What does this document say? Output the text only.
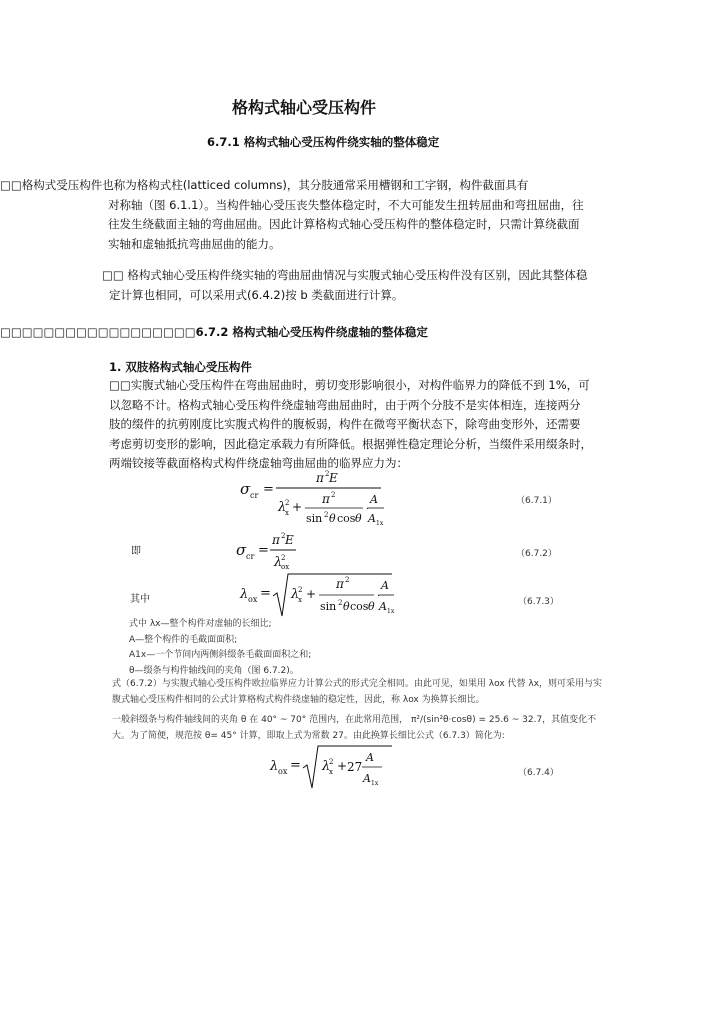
格构式轴心受压构件
6.7.1 格构式轴心受压构件绕实轴的整体稳定
□□格构式受压构件也称为格构式柱(latticed columns)，其分肢通常采用槽钢和工字钢，构件截面具有
对称轴（图 6.1.1）。当构件轴心受压丧失整体稳定时，不大可能发生扭转屈曲和弯扭屈曲，往
往发生绕截面主轴的弯曲屈曲。因此计算格构式轴心受压构件的整体稳定时，只需计算绕截面
实轴和虚轴抵抗弯曲屈曲的能力。
□□ 格构式轴心受压构件绕实轴的弯曲屈曲情况与实腹式轴心受压构件没有区别，因此其整体稳
定计算也相同，可以采用式(6.4.2)按 b 类截面进行计算。
□□□□□□□□□□□□□□□□□□6.7.2 格构式轴心受压构件绕虚轴的整体稳定
1. 双肢格构式轴心受压构件
□□实腹式轴心受压构件在弯曲屈曲时，剪切变形影响很小，对构件临界力的降低不到 1%，可
以忽略不计。格构式轴心受压构件绕虚轴弯曲屈曲时，由于两个分肢不是实体相连，连接两分
肢的缀件的抗剪刚度比实腹式构件的腹板弱，构件在微弯平衡状态下，除弯曲变形外，还需要
考虑剪切变形的影响，因此稳定承载力有所降低。根据弹性稳定理论分析，当缀件采用缀条时，
两端铰接等截面格构式构件绕虚轴弯曲屈曲的临界应力为：
σ cr =
π 2 E
λ
2
x +
π 2
sin 2 θ cos θ
·
A
A 1x
（6.7.1）
即	σ cr =
π 2 E
λ
2
ox
（6.7.2）
其中	λ ox = λ
2
x +
π 2
sin 2 θ cos θ
·
A
A 1x
（6.7.3）
式中 λx—整个构件对虚轴的长细比;
A—整个构件的毛截面面积;
A1x—一个节间内两侧斜缀条毛截面面积之和;
θ—缀条与构件轴线间的夹角（图 6.7.2)。
式（6.7.2）与实腹式轴心受压构件欧拉临界应力计算公式的形式完全相同。由此可见，如果用 λox 代替 λx，则可采用与实
腹式轴心受压构件相同的公式计算格构式构件绕虚轴的稳定性，因此，称 λox 为换算长细比。
一般斜缀条与构件轴线间的夹角 θ 在 40° ~ 70° 范围内，在此常用范围， π²/(sin²θ·cosθ) = 25.6 ~ 32.7，其值变化不
大。为了简便，规范按 θ= 45° 计算，即取上式为常数 27。由此换算长细比公式（6.7.3）简化为:
λ ox = λ
2
x + 27
A
A 1x
（6.7.4）
